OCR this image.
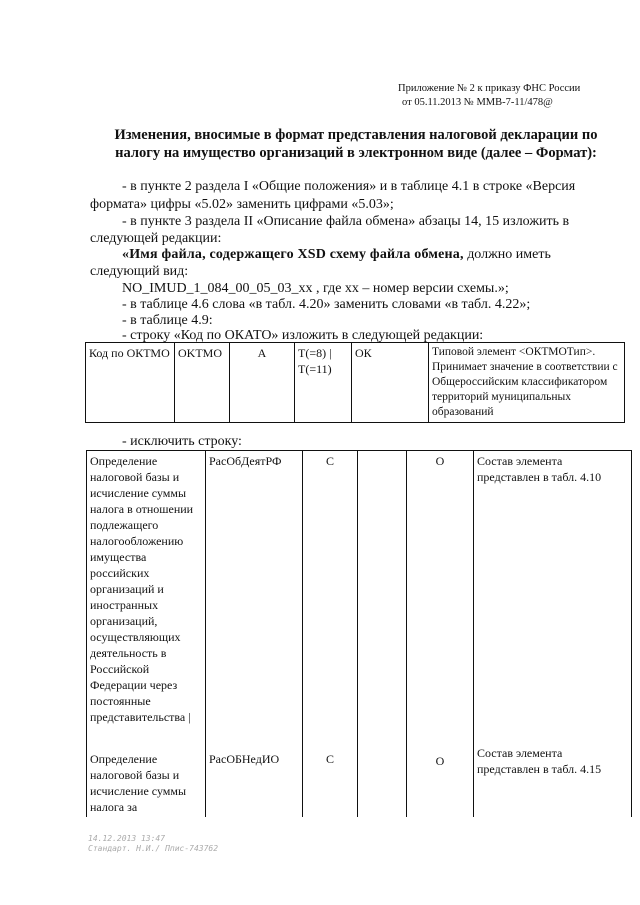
Приложение № 2 к приказу ФНС России
от 05.11.2013 № ММВ-7-11/478@
Изменения, вносимые в формат представления налоговой декларации по налогу на имущество организаций в электронном виде (далее – Формат):
- в пункте 2 раздела I «Общие положения» и в таблице 4.1 в строке «Версия
формата» цифры «5.02» заменить цифрами «5.03»;
- в пункте 3 раздела II «Описание файла обмена» абзацы 14, 15 изложить в
следующей редакции:
«Имя файла, содержащего XSD схему файла обмена, должно иметь
следующий вид:
NO_IMUD_1_084_00_05_03_xx , где xx – номер версии схемы.»;
- в таблице 4.6 слова «в табл. 4.20» заменить словами «в табл. 4.22»;
- в таблице 4.9:
- строку «Код по ОКАТО» изложить в следующей редакции:
Код по ОКТМО	OKTMO	А	Т(=8) |
Т(=11)
	ОК	Типовой элемент <ОКТМОТип>. Принимает значение в соответствии с Общероссийским классификатором территорий муниципальных образований
- исключить строку:
Определение налоговой базы и исчисление суммы налога в отношении подлежащего налогообложению имущества российских организаций и иностранных организаций, осуществляющих деятельность в Российской Федерации через постоянные представительства |	РасОбДеятРФ	С		О	Состав элемента представлен в табл. 4.10
Определение налоговой базы и исчисление суммы налога за	РасОБНедИО	С		О	Состав элемента представлен в табл. 4.15
14.12.2013 13:47
Стандарт. Н.И./ Ппис-743762
